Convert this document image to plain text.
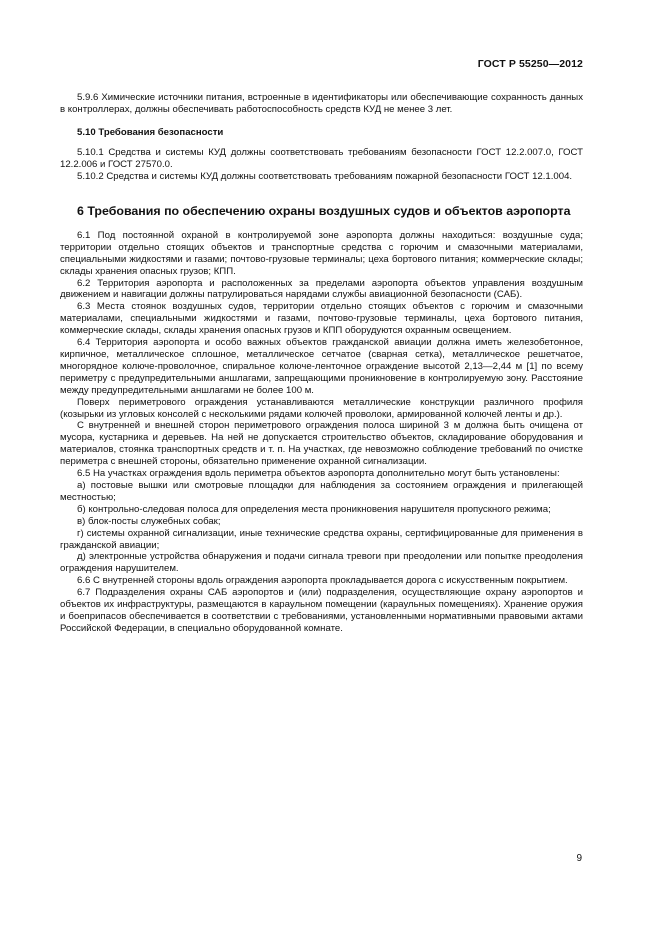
ГОСТ Р 55250—2012

5.9.6 Химические источники питания, встроенные в идентификаторы или обеспечивающие сохранность данных в контроллерах, должны обеспечивать работоспособность средств КУД не менее 3 лет.

5.10 Требования безопасности

5.10.1 Средства и системы КУД должны соответствовать требованиям безопасности ГОСТ 12.2.007.0, ГОСТ 12.2.006 и ГОСТ 27570.0.

5.10.2 Средства и системы КУД должны соответствовать требованиям пожарной безопасности ГОСТ 12.1.004.

6 Требования по обеспечению охраны воздушных судов и объектов аэропорта

6.1 Под постоянной охраной в контролируемой зоне аэропорта должны находиться: воздушные суда; территории отдельно стоящих объектов и транспортные средства с горючим и смазочными материалами, специальными жидкостями и газами; почтово-грузовые терминалы; цеха бортового питания; коммерческие склады; склады хранения опасных грузов; КПП.

6.2 Территория аэропорта и расположенных за пределами аэропорта объектов управления воздушным движением и навигации должны патрулироваться нарядами службы авиационной безопасности (САБ).

6.3 Места стоянок воздушных судов, территории отдельно стоящих объектов с горючим и смазочными материалами, специальными жидкостями и газами, почтово-грузовые терминалы, цеха бортового питания, коммерческие склады, склады хранения опасных грузов и КПП оборудуются охранным освещением.

6.4 Территория аэропорта и особо важных объектов гражданской авиации должна иметь железобетонное, кирпичное, металлическое сплошное, металлическое сетчатое (сварная сетка), металлическое решетчатое, многорядное колюче-проволочное, спиральное колюче-ленточное ограждение высотой 2,13—2,44 м [1] по всему периметру с предупредительными аншлагами, запрещающими проникновение в контролируемую зону. Расстояние между предупредительными аншлагами не более 100 м.

Поверх периметрового ограждения устанавливаются металлические конструкции различного профиля (козырьки из угловых консолей с несколькими рядами колючей проволоки, армированной колючей ленты и др.).

С внутренней и внешней сторон периметрового ограждения полоса шириной 3 м должна быть очищена от мусора, кустарника и деревьев. На ней не допускается строительство объектов, складирование оборудования и материалов, стоянка транспортных средств и т. п. На участках, где невозможно соблюдение требований по очистке периметра с внешней стороны, обязательно применение охранной сигнализации.

6.5 На участках ограждения вдоль периметра объектов аэропорта дополнительно могут быть установлены:

а) постовые вышки или смотровые площадки для наблюдения за состоянием ограждения и прилегающей местностью;

б) контрольно-следовая полоса для определения места проникновения нарушителя пропускного режима;

в) блок-посты служебных собак;

г) системы охранной сигнализации, иные технические средства охраны, сертифицированные для применения в гражданской авиации;

д) электронные устройства обнаружения и подачи сигнала тревоги при преодолении или попытке преодоления ограждения нарушителем.

6.6 С внутренней стороны вдоль ограждения аэропорта прокладывается дорога с искусственным покрытием.

6.7 Подразделения охраны САБ аэропортов и (или) подразделения, осуществляющие охрану аэропортов и объектов их инфраструктуры, размещаются в караульном помещении (караульных помещениях). Хранение оружия и боеприпасов обеспечивается в соответствии с требованиями, установленными нормативными правовыми актами Российской Федерации, в специально оборудованной комнате.

9
